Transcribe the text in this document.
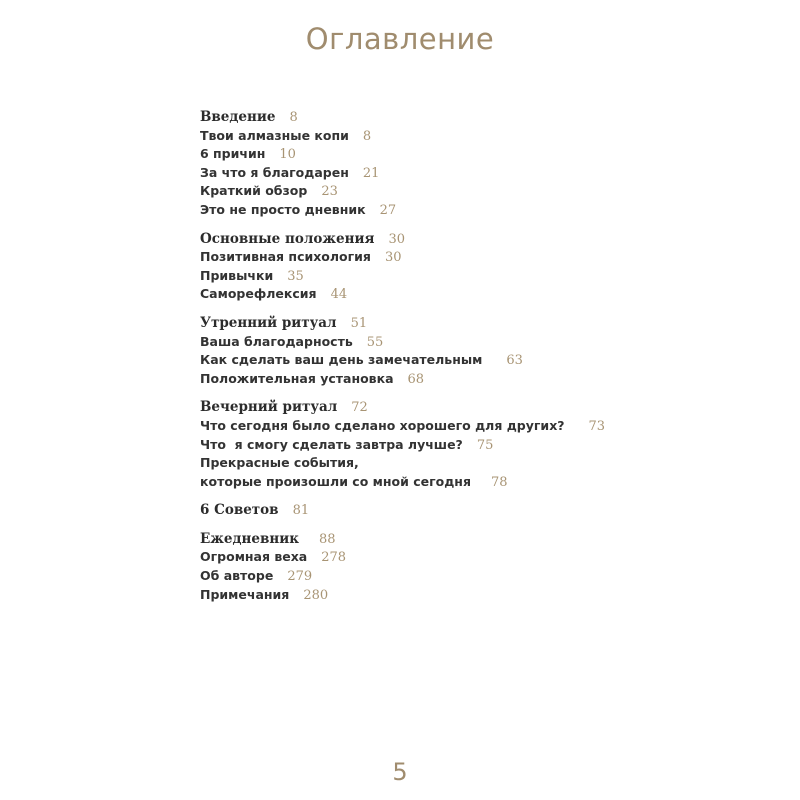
Оглавление
Введение 8
Твои алмазные копи 8
6 причин 10
За что я благодарен 21
Краткий обзор 23
Это не просто дневник 27
Основные положения 30
Позитивная психология 30
Привычки 35
Саморефлексия 44
Утренний ритуал 51
Ваша благодарность 55
Как сделать ваш день замечательным 63
Положительная установка 68
Вечерний ритуал 72
Что сегодня было сделано хорошего для других? 73
Что  я смогу сделать завтра лучше? 75
Прекрасные события,
которые произошли со мной сегодня 78
6 Советов 81
Ежедневник 88
Огромная веха 278
Об авторе 279
Примечания 280
5
